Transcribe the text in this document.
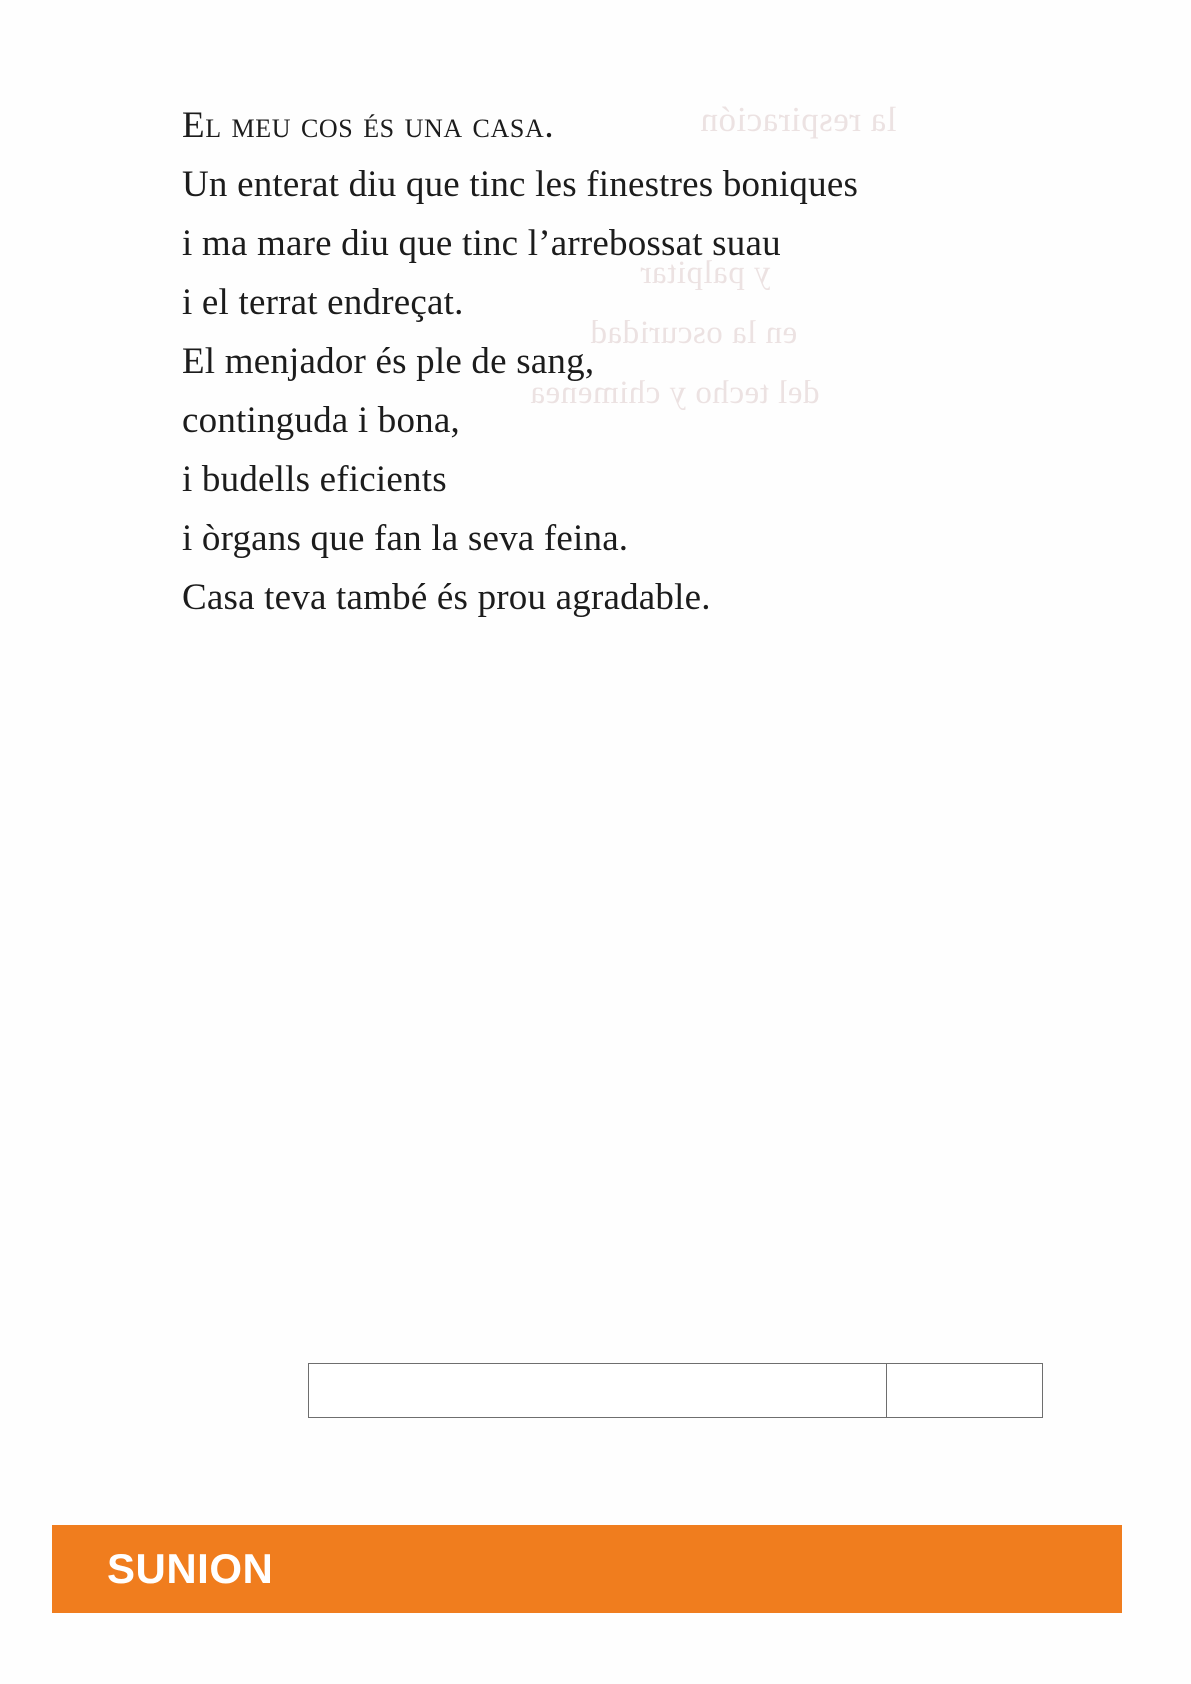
la respiración
y palpitar
en la oscuridad
del techo y chimenea
El meu cos és una casa.
Un enterat diu que tinc les finestres boniques
i ma mare diu que tinc l’arrebossat suau
i el terrat endreçat.
El menjador és ple de sang,
continguda i bona,
i budells eficients
i òrgans que fan la seva feina.
Casa teva també és prou agradable.
SUNION
